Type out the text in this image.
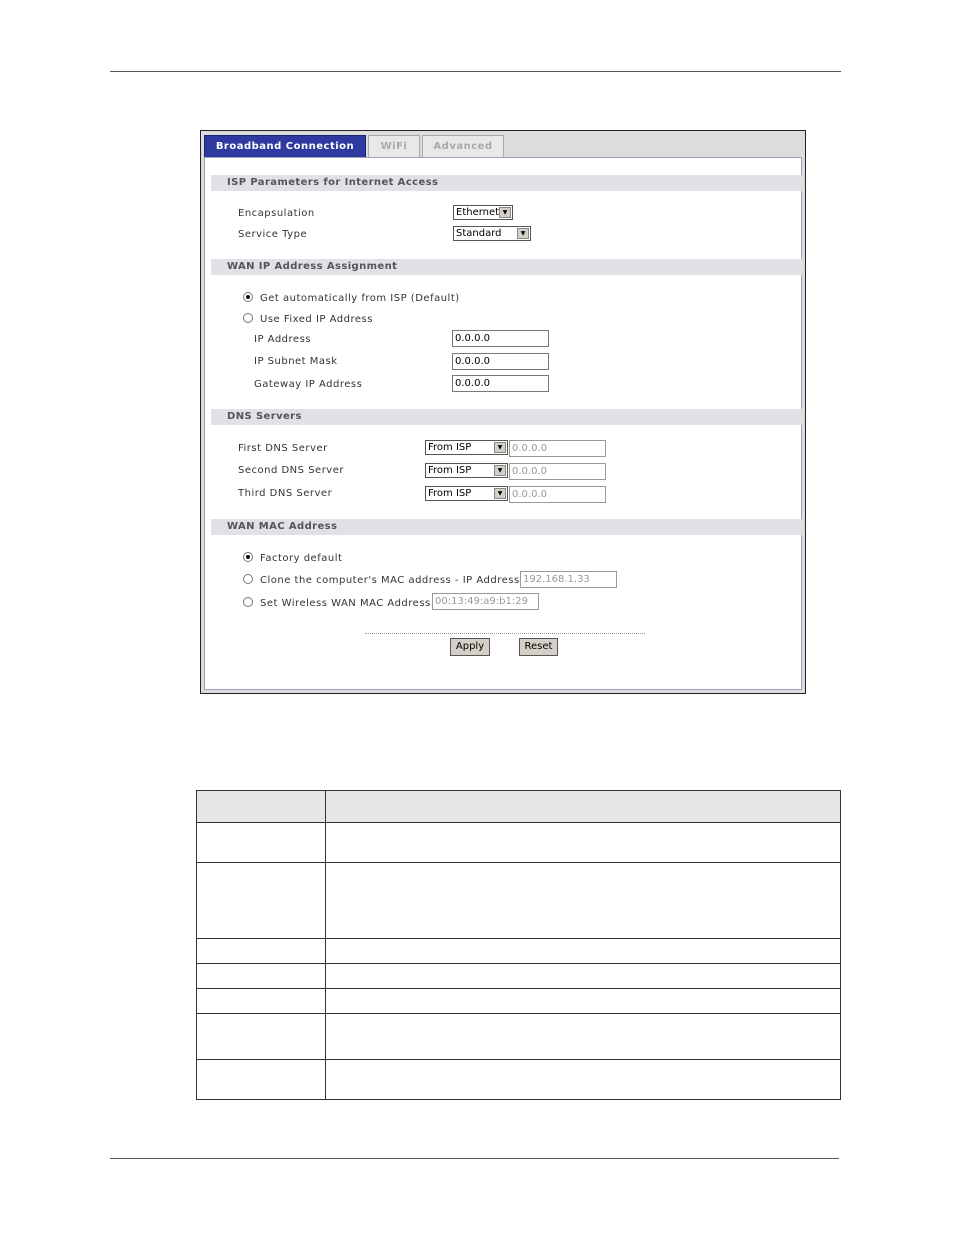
Broadband Connection	WiFi	Advanced
ISP Parameters for Internet Access
Encapsulation	Ethernet ▼
Service Type	Standard	▼
WAN IP Address Assignment
Get automatically from ISP (Default)
Use Fixed IP Address
IP Address	0.0.0.0
IP Subnet Mask	0.0.0.0
Gateway IP Address	0.0.0.0
DNS Servers
First DNS Server	From ISP	▼ 0.0.0.0
Second DNS Server	From ISP	▼ 0.0.0.0
Third DNS Server	From ISP	▼ 0.0.0.0
WAN MAC Address
Factory default
Clone the computer's MAC address - IP Address 192.168.1.33
Set Wireless WAN MAC Address 00:13:49:a9:b1:29
Apply	Reset
